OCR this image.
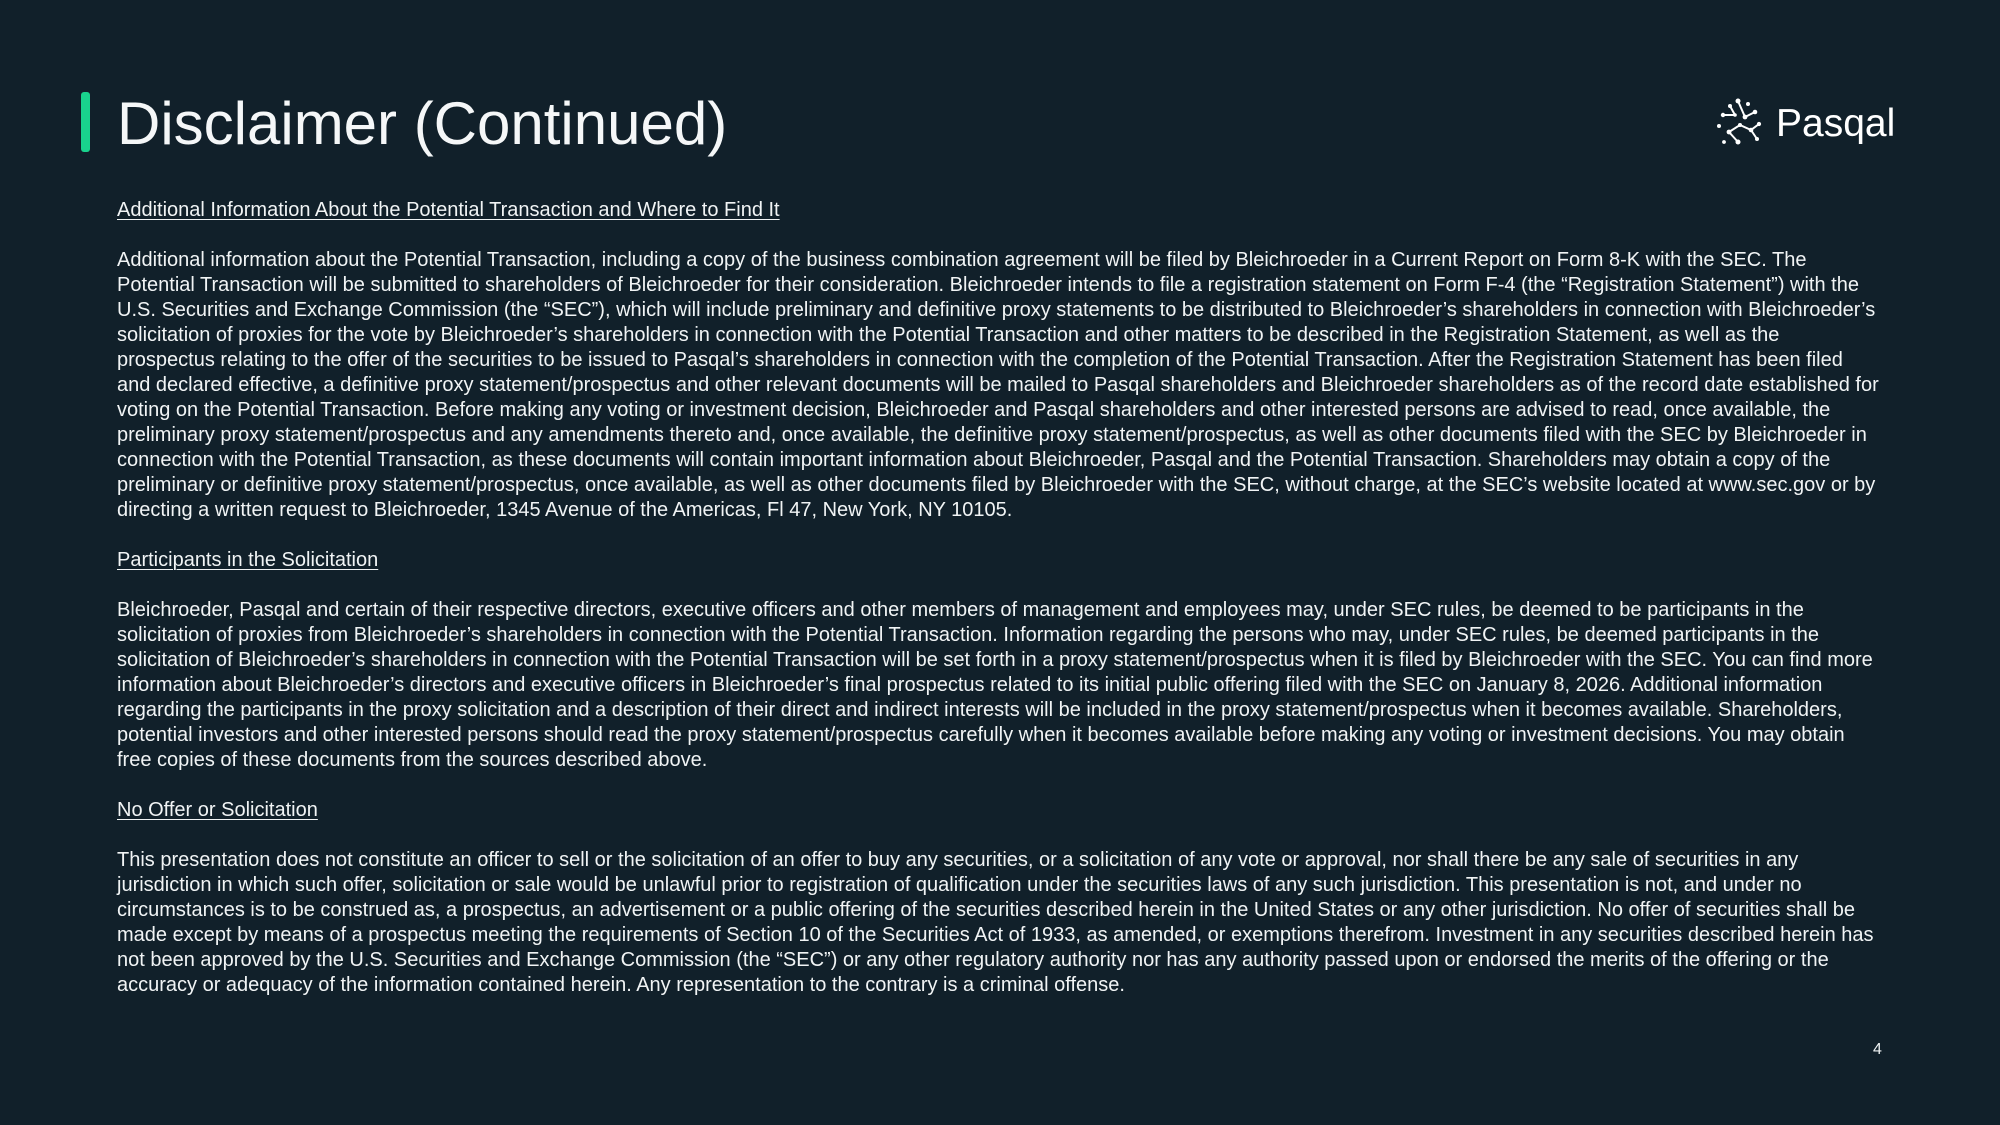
Disclaimer (Continued)	Pasqal

Additional Information About the Potential Transaction and Where to Find It

Additional information about the Potential Transaction, including a copy of the business combination agreement will be filed by Bleichroeder in a Current Report on Form 8-K with the SEC. The Potential Transaction will be submitted to shareholders of Bleichroeder for their consideration. Bleichroeder intends to file a registration statement on Form F-4 (the “Registration Statement”) with the U.S. Securities and Exchange Commission (the “SEC”), which will include preliminary and definitive proxy statements to be distributed to Bleichroeder’s shareholders in connection with Bleichroeder’s solicitation of proxies for the vote by Bleichroeder’s shareholders in connection with the Potential Transaction and other matters to be described in the Registration Statement, as well as the prospectus relating to the offer of the securities to be issued to Pasqal’s shareholders in connection with the completion of the Potential Transaction. After the Registration Statement has been filed and declared effective, a definitive proxy statement/prospectus and other relevant documents will be mailed to Pasqal shareholders and Bleichroeder shareholders as of the record date established for voting on the Potential Transaction. Before making any voting or investment decision, Bleichroeder and Pasqal shareholders and other interested persons are advised to read, once available, the preliminary proxy statement/prospectus and any amendments thereto and, once available, the definitive proxy statement/prospectus, as well as other documents filed with the SEC by Bleichroeder in connection with the Potential Transaction, as these documents will contain important information about Bleichroeder, Pasqal and the Potential Transaction. Shareholders may obtain a copy of the preliminary or definitive proxy statement/prospectus, once available, as well as other documents filed by Bleichroeder with the SEC, without charge, at the SEC’s website located at www.sec.gov or by directing a written request to Bleichroeder, 1345 Avenue of the Americas, Fl 47, New York, NY 10105.

Participants in the Solicitation

Bleichroeder, Pasqal and certain of their respective directors, executive officers and other members of management and employees may, under SEC rules, be deemed to be participants in the solicitation of proxies from Bleichroeder’s shareholders in connection with the Potential Transaction. Information regarding the persons who may, under SEC rules, be deemed participants in the solicitation of Bleichroeder’s shareholders in connection with the Potential Transaction will be set forth in a proxy statement/prospectus when it is filed by Bleichroeder with the SEC. You can find more information about Bleichroeder’s directors and executive officers in Bleichroeder’s final prospectus related to its initial public offering filed with the SEC on January 8, 2026. Additional information regarding the participants in the proxy solicitation and a description of their direct and indirect interests will be included in the proxy statement/prospectus when it becomes available. Shareholders, potential investors and other interested persons should read the proxy statement/prospectus carefully when it becomes available before making any voting or investment decisions. You may obtain free copies of these documents from the sources described above.

No Offer or Solicitation

This presentation does not constitute an officer to sell or the solicitation of an offer to buy any securities, or a solicitation of any vote or approval, nor shall there be any sale of securities in any jurisdiction in which such offer, solicitation or sale would be unlawful prior to registration of qualification under the securities laws of any such jurisdiction. This presentation is not, and under no circumstances is to be construed as, a prospectus, an advertisement or a public offering of the securities described herein in the United States or any other jurisdiction. No offer of securities shall be made except by means of a prospectus meeting the requirements of Section 10 of the Securities Act of 1933, as amended, or exemptions therefrom. Investment in any securities described herein has not been approved by the U.S. Securities and Exchange Commission (the “SEC”) or any other regulatory authority nor has any authority passed upon or endorsed the merits of the offering or the accuracy or adequacy of the information contained herein. Any representation to the contrary is a criminal offense.

4
